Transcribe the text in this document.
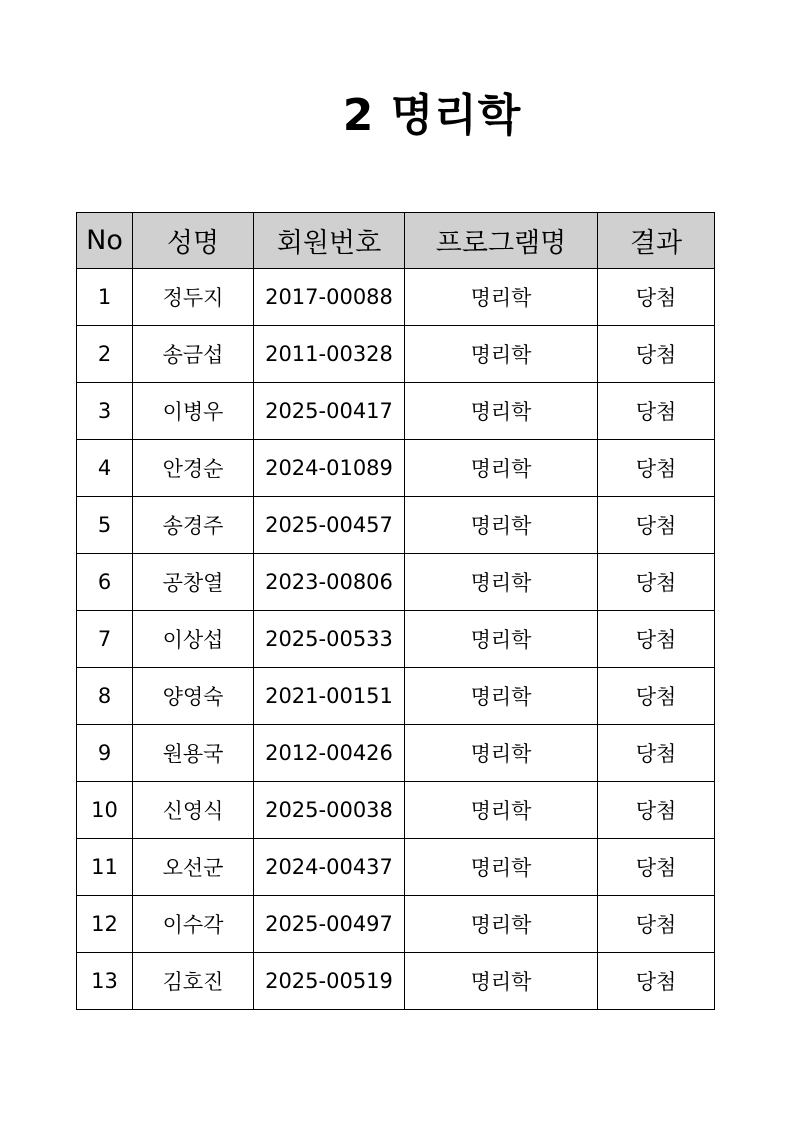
2 명리학
No	성명	회원번호	프로그램명	결과
1	정두지	2017-00088	명리학	당첨
2	송금섭	2011-00328	명리학	당첨
3	이병우	2025-00417	명리학	당첨
4	안경순	2024-01089	명리학	당첨
5	송경주	2025-00457	명리학	당첨
6	공창열	2023-00806	명리학	당첨
7	이상섭	2025-00533	명리학	당첨
8	양영숙	2021-00151	명리학	당첨
9	원용국	2012-00426	명리학	당첨
10	신영식	2025-00038	명리학	당첨
11	오선군	2024-00437	명리학	당첨
12	이수각	2025-00497	명리학	당첨
13	김호진	2025-00519	명리학	당첨
